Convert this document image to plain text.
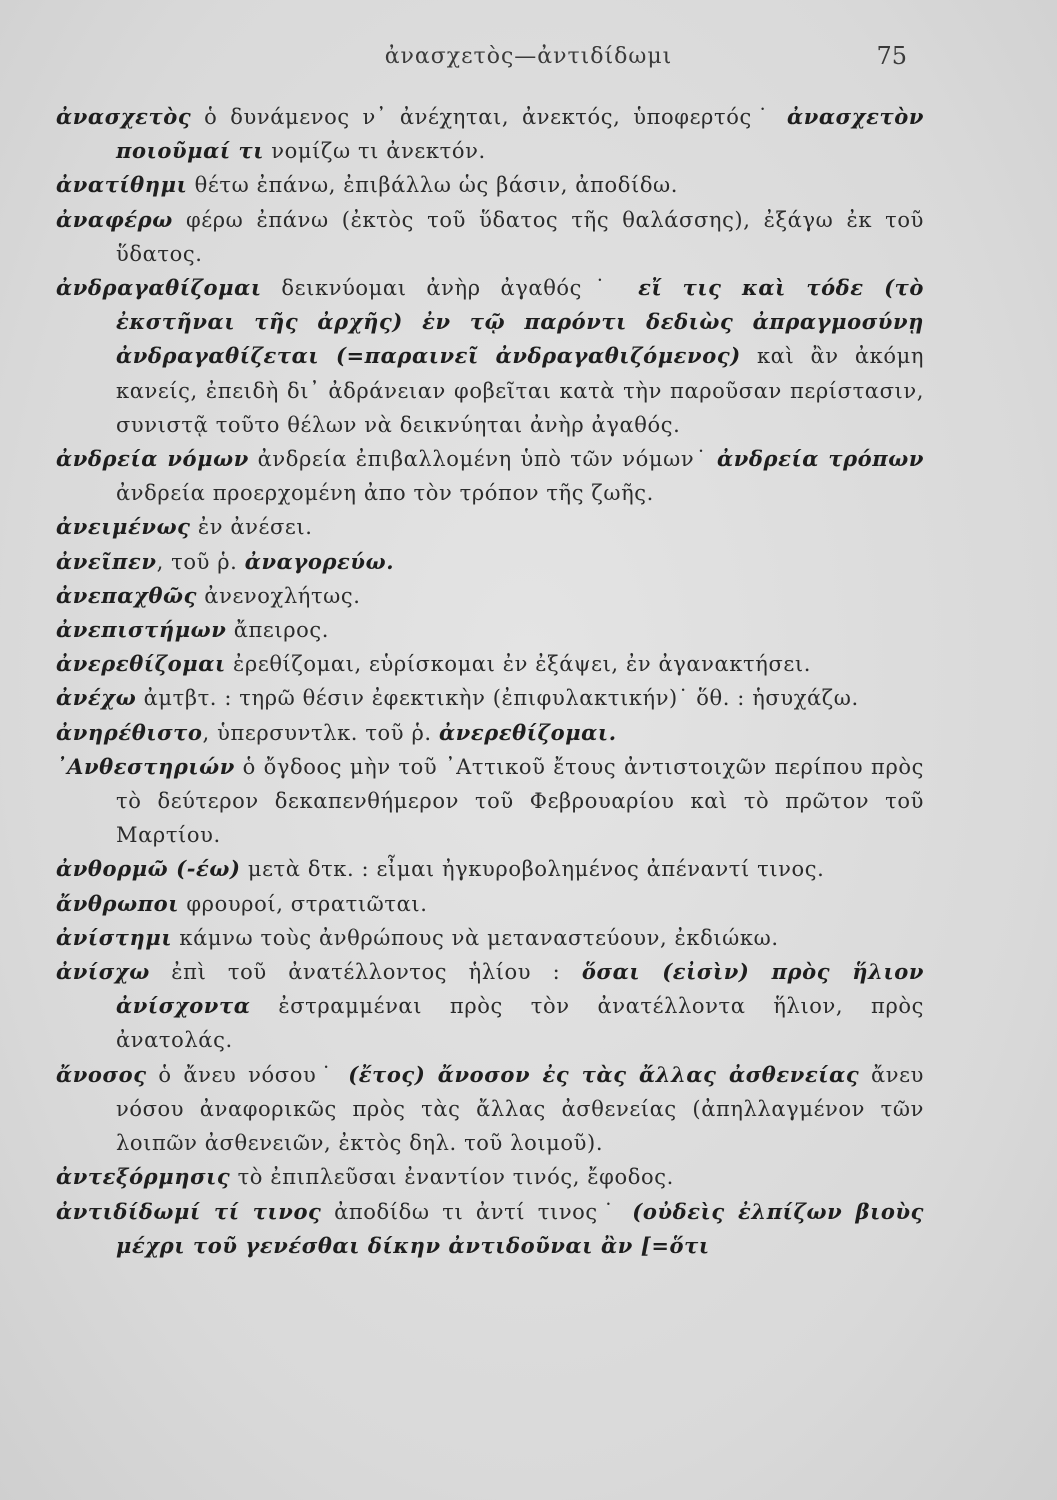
ἀνασχετὸς—ἀντιδίδωμι	75

ἀνασχετὸς ὁ δυνάμενος ν᾿ ἀνέχηται, ἀνεκτός, ὑποφερτός˙ ἀνασχετὸν ποιοῦμαί τι νομίζω τι ἀνεκτόν.

ἀνατίθημι θέτω ἐπάνω, ἐπιβάλλω ὡς βάσιν, ἀποδίδω.

ἀναφέρω φέρω ἐπάνω (ἐκτὸς τοῦ ὕδατος τῆς θαλάσσης), ἐξάγω ἐκ τοῦ ὕδατος.

ἀνδραγαθίζομαι δεικνύομαι ἀνὴρ ἀγαθός˙ εἴ τις καὶ τόδε (τὸ ἐκστῆναι τῆς ἀρχῆς) ἐν τῷ παρόντι δεδιὼς ἀπραγμοσύνῃ ἀνδραγαθίζεται (=παραινεῖ ἀνδραγαθιζόμενος) καὶ ἂν ἀκόμη κανείς, ἐπειδὴ δι᾿ ἀδράνειαν φοβεῖται κατὰ τὴν παροῦσαν περίστασιν, συνιστᾷ τοῦτο θέλων νὰ δεικνύηται ἀνὴρ ἀγαθός.

ἀνδρεία νόμων ἀνδρεία ἐπιβαλλομένη ὑπὸ τῶν νόμων˙ ἀνδρεία τρόπων ἀνδρεία προερχομένη ἀπο τὸν τρόπον τῆς ζωῆς.

ἀνειμένως ἐν ἀνέσει.

ἀνεῖπεν, τοῦ ῥ. ἀναγορεύω.

ἀνεπαχθῶς ἀνενοχλήτως.

ἀνεπιστήμων ἄπειρος.

ἀνερεθίζομαι ἐρεθίζομαι, εὑρίσκομαι ἐν ἐξάψει, ἐν ἀγανακτήσει.

ἀνέχω ἀμτβτ. : τηρῶ θέσιν ἐφεκτικὴν (ἐπιφυλακτικήν)˙ ὅθ. : ἡσυχάζω.

ἀνηρέθιστο, ὑπερσυντλκ. τοῦ ῥ. ἀνερεθίζομαι.

᾿Ανθεστηριών ὁ ὄγδοος μὴν τοῦ ᾿Αττικοῦ ἔτους ἀντιστοιχῶν περίπου πρὸς τὸ δεύτερον δεκαπενθήμερον τοῦ Φεβρουαρίου καὶ τὸ πρῶτον τοῦ Μαρτίου.

ἀνθορμῶ (-έω) μετὰ δτκ. : εἶμαι ἠγκυροβολημένος ἀπέναντί τινος.

ἄνθρωποι φρουροί, στρατιῶται.

ἀνίστημι κάμνω τοὺς ἀνθρώπους νὰ μεταναστεύουν, ἐκδιώκω.

ἀνίσχω ἐπὶ τοῦ ἀνατέλλοντος ἡλίου : ὅσαι (εἰσὶν) πρὸς ἥλιον ἀνίσχοντα ἐστραμμέναι πρὸς τὸν ἀνατέλλοντα ἥλιον, πρὸς ἀνατολάς.

ἄνοσος ὁ ἄνευ νόσου˙ (ἔτος) ἄνοσον ἐς τὰς ἄλλας ἀσθενείας ἄνευ νόσου ἀναφορικῶς πρὸς τὰς ἄλλας ἀσθενείας (ἀπηλλαγμένον τῶν λοιπῶν ἀσθενειῶν, ἐκτὸς δηλ. τοῦ λοιμοῦ).

ἀντεξόρμησις τὸ ἐπιπλεῦσαι ἐναντίον τινός, ἔφοδος.

ἀντιδίδωμί τί τινος ἀποδίδω τι ἀντί τινος˙ (οὐδεὶς ἐλπίζων βιοὺς μέχρι τοῦ γενέσθαι δίκην ἀντιδοῦναι ἂν [=ὅτι
